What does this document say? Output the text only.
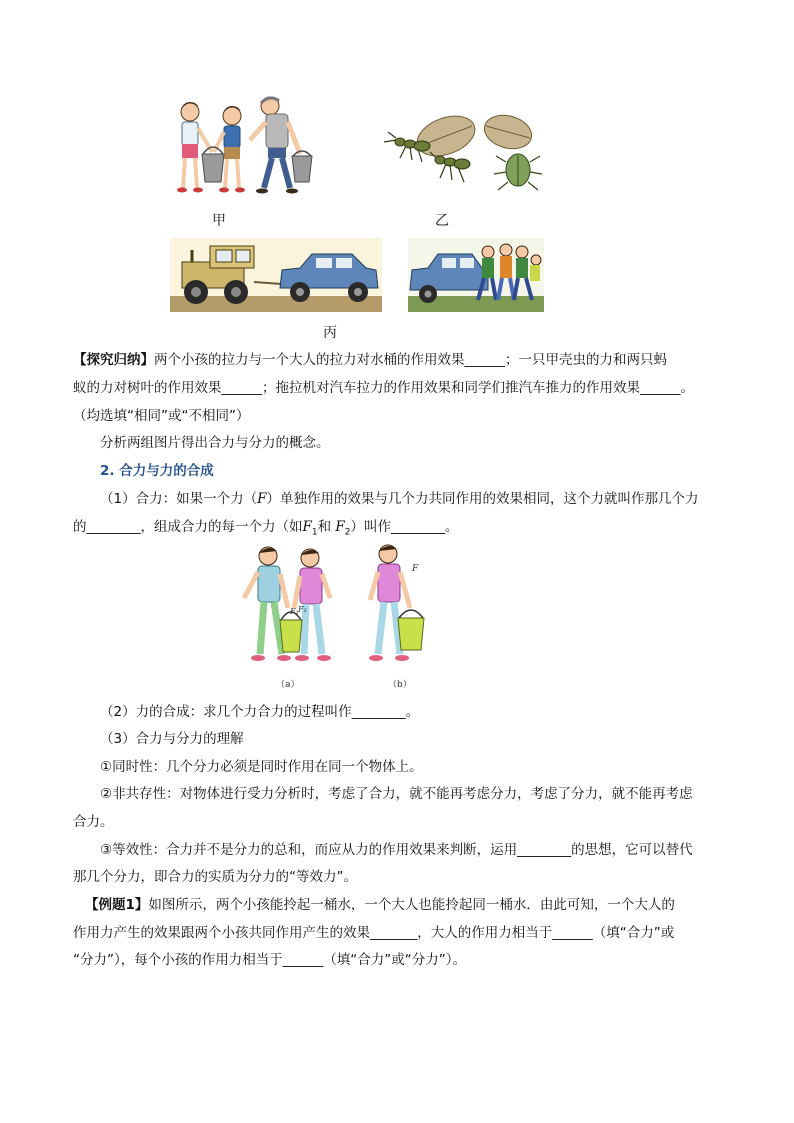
甲	乙
丙
【探究归纳】两个小孩的拉力与一个大人的拉力对水桶的作用效果______；一只甲壳虫的力和两只蚂
蚁的力对树叶的作用效果______；拖拉机对汽车拉力的作用效果和同学们推汽车推力的作用效果______。
（均选填“相同”或“不相同”）
分析两组图片得出合力与分力的概念。
2. 合力与力的合成
（1）合力：如果一个力（F）单独作用的效果与几个力共同作用的效果相同，这个力就叫作那几个力
的________，组成合力的每一个力（如$F_1$和 $F_2$）叫作________。
F₁ F₂
F
（a）	（b）
（2）力的合成：求几个力合力的过程叫作________。
（3）合力与分力的理解
①同时性：几个分力必须是同时作用在同一个物体上。
②非共存性：对物体进行受力分析时，考虑了合力，就不能再考虑分力，考虑了分力，就不能再考虑
合力。
③等效性：合力并不是分力的总和，而应从力的作用效果来判断，运用________的思想，它可以替代
那几个分力，即合力的实质为分力的“等效力”。
【例题1】如图所示，两个小孩能拎起一桶水，一个大人也能拎起同一桶水．由此可知，一个大人的
作用力产生的效果跟两个小孩共同作用产生的效果_______，大人的作用力相当于______（填“合力”或
“分力”），每个小孩的作用力相当于______（填“合力”或“分力”）。
